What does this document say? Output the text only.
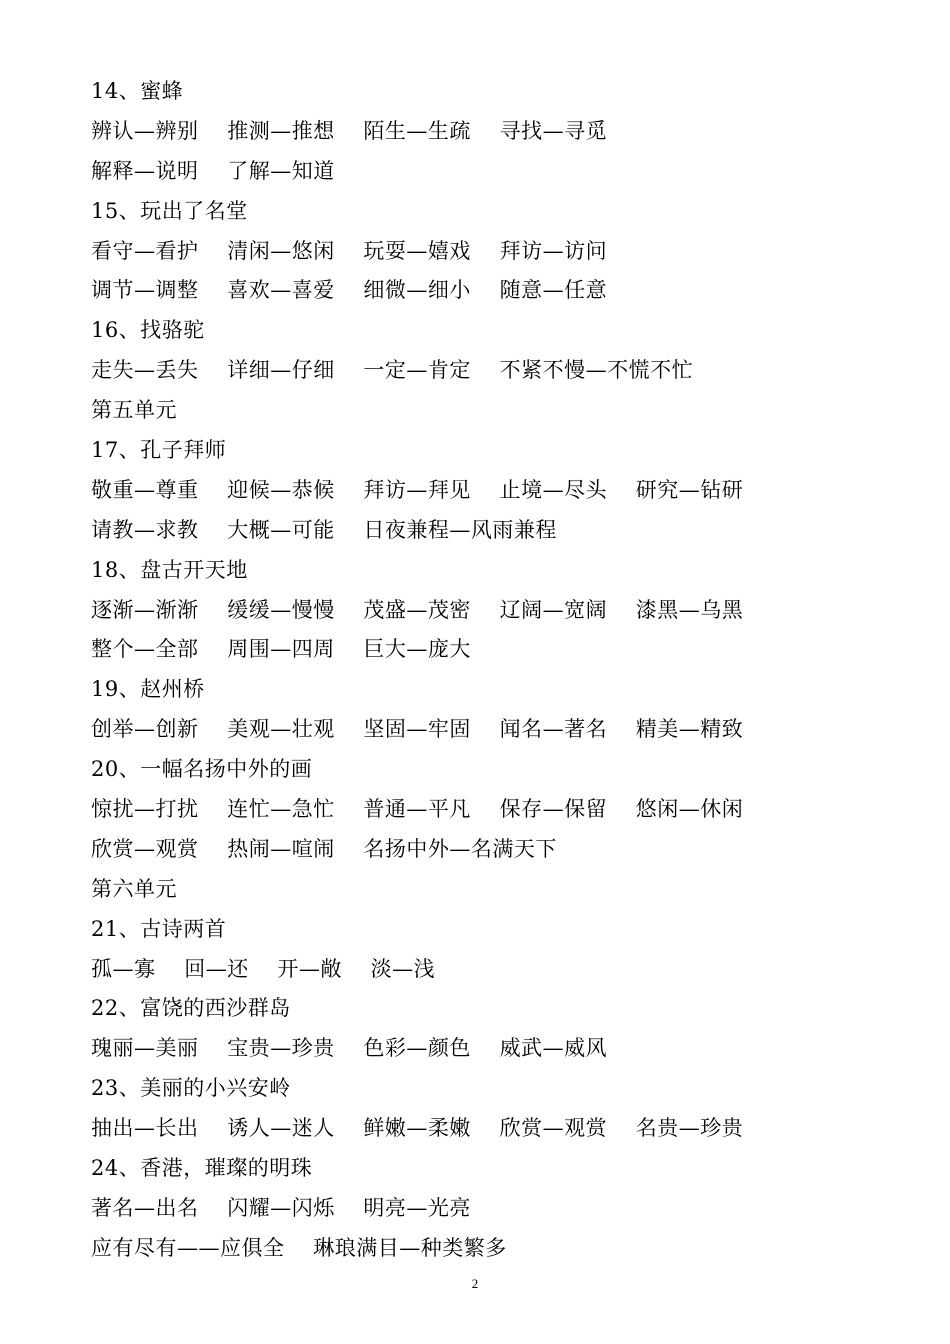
14、蜜蜂
辨认—辨别    推测—推想    陌生—生疏    寻找—寻觅
解释—说明    了解—知道
15、玩出了名堂
看守—看护    清闲—悠闲    玩耍—嬉戏    拜访—访问
调节—调整    喜欢—喜爱    细微—细小    随意—任意
16、找骆驼
走失—丢失    详细—仔细    一定—肯定    不紧不慢—不慌不忙
第五单元
17、孔子拜师
敬重—尊重    迎候—恭候    拜访—拜见    止境—尽头    研究—钻研
请教—求教    大概—可能    日夜兼程—风雨兼程
18、盘古开天地
逐渐—渐渐    缓缓—慢慢    茂盛—茂密    辽阔—宽阔    漆黑—乌黑
整个—全部    周围—四周    巨大—庞大
19、赵州桥
创举—创新    美观—壮观    坚固—牢固    闻名—著名    精美—精致
20、一幅名扬中外的画
惊扰—打扰    连忙—急忙    普通—平凡    保存—保留    悠闲—休闲
欣赏—观赏    热闹—喧闹    名扬中外—名满天下
第六单元
21、古诗两首
孤—寡    回—还    开—敞    淡—浅
22、富饶的西沙群岛
瑰丽—美丽    宝贵—珍贵    色彩—颜色    威武—威风
23、美丽的小兴安岭
抽出—长出    诱人—迷人    鲜嫩—柔嫩    欣赏—观赏    名贵—珍贵
24、香港，璀璨的明珠
著名—出名    闪耀—闪烁    明亮—光亮
应有尽有——应俱全    琳琅满目—种类繁多
2
